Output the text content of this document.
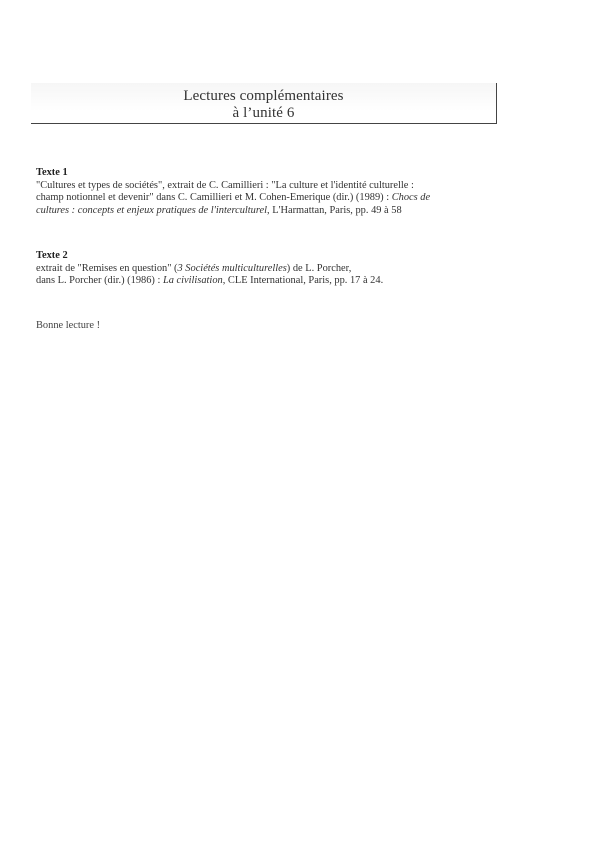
Lectures complémentaires
à l’unité 6
Texte 1
"Cultures et types de sociétés", extrait de C. Camillieri : "La culture et l'identité culturelle :
champ notionnel et devenir" dans C. Camillieri et M. Cohen-Emerique (dir.) (1989) : Chocs de
cultures : concepts et enjeux pratiques de l'interculturel, L'Harmattan, Paris, pp. 49 à 58
Texte 2
extrait de "Remises en question" (3 Sociétés multiculturelles) de L. Porcher,
dans L. Porcher (dir.) (1986) : La civilisation, CLE International, Paris, pp. 17 à 24.
Bonne lecture !
